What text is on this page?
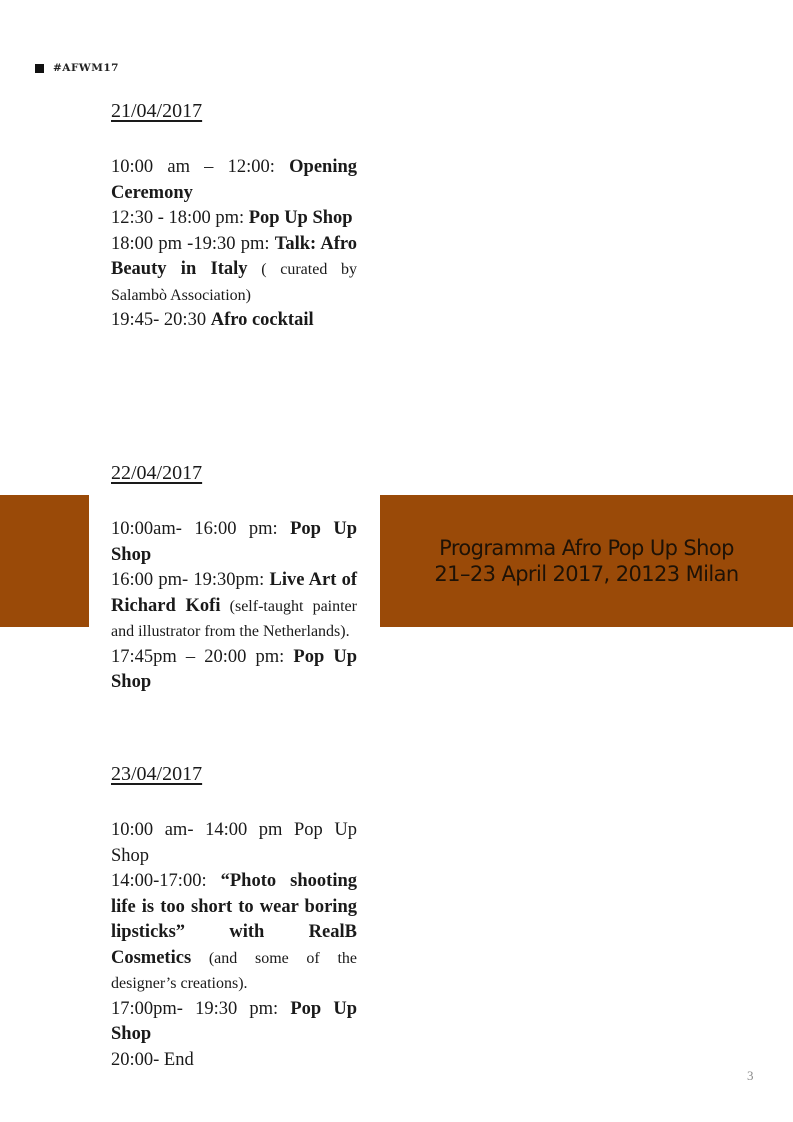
#AFWM17
Programma Afro Pop Up Shop
21–23 April 2017, 20123 Milan
21/04/2017
10:00 am – 12:00: Opening Ceremony
12:30 - 18:00 pm: Pop Up Shop
18:00 pm -19:30 pm: Talk: Afro Beauty in Italy ( curated by Salambò Association)
19:45- 20:30 Afro cocktail
22/04/2017
10:00am- 16:00 pm: Pop Up Shop
16:00 pm- 19:30pm: Live Art of Richard Kofi (self-taught painter and illustrator from the Netherlands).
17:45pm – 20:00 pm: Pop Up Shop
23/04/2017
10:00 am- 14:00 pm Pop Up Shop
14:00-17:00: “Photo shooting life is too short to wear boring lipsticks” with RealB Cosmetics (and some of the designer’s creations).
17:00pm- 19:30 pm: Pop Up Shop
20:00- End
3
